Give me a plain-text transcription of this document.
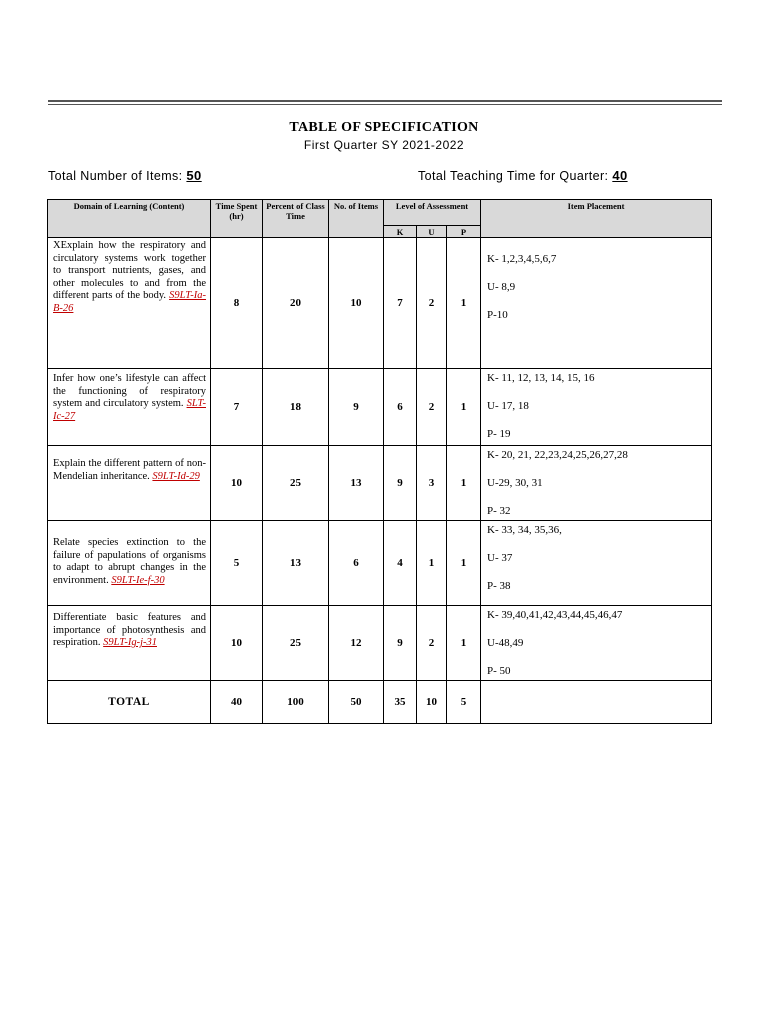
TABLE OF SPECIFICATION
First Quarter SY 2021-2022
Total Number of Items: 50	Total Teaching Time for Quarter: 40
Domain of Learning (Content)	Time Spent (hr)	Percent of Class Time	No. of Items	Level of Assessment			Item Placement
				K	U	P	
XExplain how the respiratory and circulatory systems work together to transport nutrients, gases, and other molecules to and from the different parts of the body. S9LT-Ia-B-26	8	20	10	7	2	1	K- 1,2,3,4,5,6,7
U- 8,9
P-10

Infer how one’s lifestyle can affect the functioning of respiratory system and circulatory system. SLT-Ic-27	7	18	9	6	2	1	K- 11, 12, 13, 14, 15, 16
U- 17, 18
P- 19

Explain the different pattern of non-Mendelian inheritance. S9LT-Id-29	10	25	13	9	3	1	K- 20, 21, 22,23,24,25,26,27,28
U-29, 30, 31
P- 32

Relate species extinction to the failure of papulations of organisms to adapt to abrupt changes in the environment. S9LT-Ie-f-30	5	13	6	4	1	1	K- 33, 34, 35,36,
U- 37
P- 38

Differentiate basic features and importance of photosynthesis and respiration. S9LT-Ig-j-31	10	25	12	9	2	1	K- 39,40,41,42,43,44,45,46,47
U-48,49
P- 50

TOTAL	40	100	50	35	10	5	
